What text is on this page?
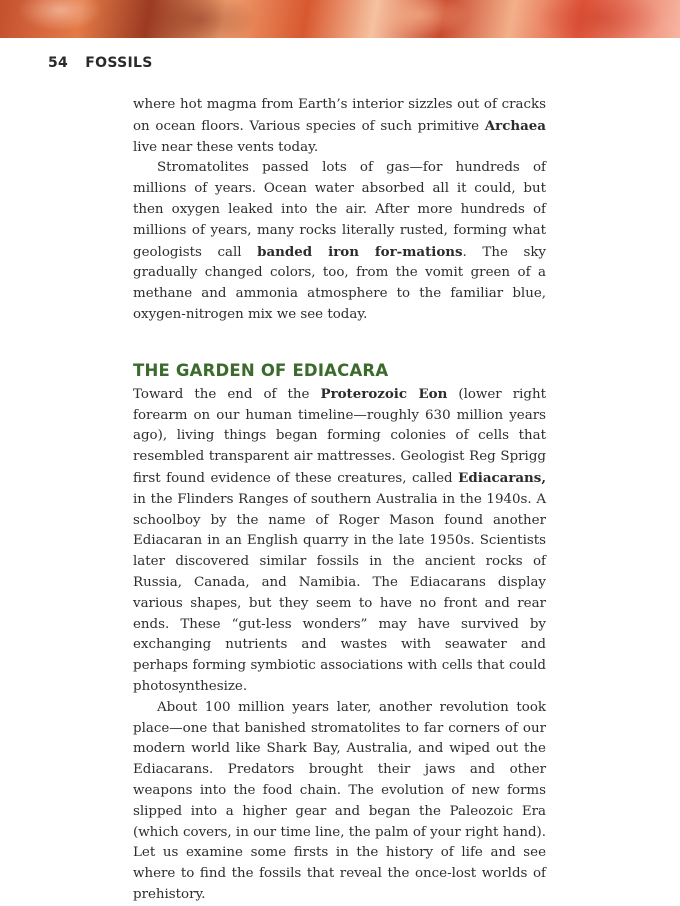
54 FOSSILS

where hot magma from Earth’s interior sizzles out of cracks on ocean floors. Various species of such primitive Archaea live near these vents today.

Stromatolites passed lots of gas—for hundreds of millions of years. Ocean water absorbed all it could, but then oxygen leaked into the air. After more hundreds of millions of years, many rocks literally rusted, forming what geologists call banded iron for-mations. The sky gradually changed colors, too, from the vomit green of a methane and ammonia atmosphere to the familiar blue, oxygen-nitrogen mix we see today.

THE GARDEN OF EDIACARA

Toward the end of the Proterozoic Eon (lower right forearm on our human timeline—roughly 630 million years ago), living things began forming colonies of cells that resembled transparent air mattresses. Geologist Reg Sprigg first found evidence of these creatures, called Ediacarans, in the Flinders Ranges of southern Australia in the 1940s. A schoolboy by the name of Roger Mason found another Ediacaran in an English quarry in the late 1950s. Scientists later discovered similar fossils in the ancient rocks of Russia, Canada, and Namibia. The Ediacarans display various shapes, but they seem to have no front and rear ends. These “gut-less wonders” may have survived by exchanging nutrients and wastes with seawater and perhaps forming symbiotic associations with cells that could photosynthesize.

About 100 million years later, another revolution took place—one that banished stromatolites to far corners of our modern world like Shark Bay, Australia, and wiped out the Ediacarans. Predators brought their jaws and other weapons into the food chain. The evolution of new forms slipped into a higher gear and began the Paleozoic Era (which covers, in our time line, the palm of your right hand). Let us examine some firsts in the history of life and see where to find the fossils that reveal the once-lost worlds of prehistory.
